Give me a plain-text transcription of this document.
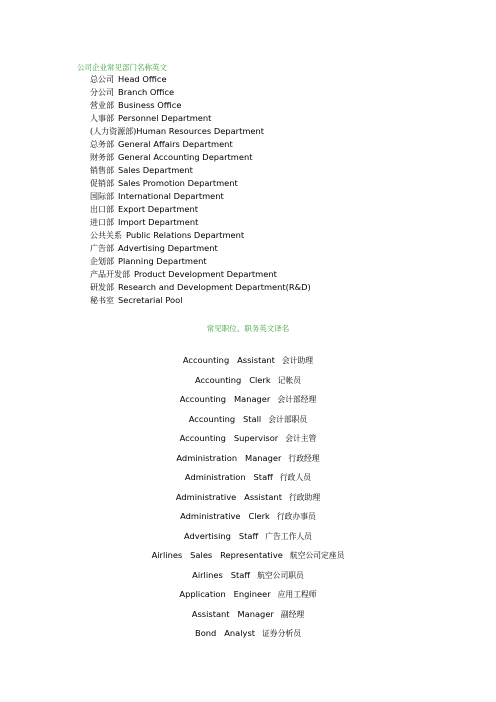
公司企业常见部门名称英文
总公司 Head Office
分公司 Branch Office
营业部 Business Office
人事部 Personnel Department
(人力资源部)Human Resources Department
总务部 General Affairs Department
财务部 General Accounting Department
销售部 Sales Department
促销部 Sales Promotion Department
国际部 International Department
出口部 Export Department
进口部 Import Department
公共关系 Public Relations Department
广告部 Advertising Department
企划部 Planning Department
产品开发部 Product Development Department
研发部 Research and Development Department(R&D)
秘书室 Secretarial Pool
常见职位、职务英文译名
Accounting   Assistant 会计助理
Accounting   Clerk 记帐员
Accounting   Manager 会计部经理
Accounting   Stall 会计部职员
Accounting   Supervisor 会计主管
Administration   Manager 行政经理
Administration   Staff 行政人员
Administrative   Assistant 行政助理
Administrative   Clerk 行政办事员
Advertising   Staff 广告工作人员
Airlines   Sales   Representative 航空公司定座员
Airlines   Staff 航空公司职员
Application   Engineer 应用工程师
Assistant   Manager 副经理
Bond   Analyst 证券分析员
